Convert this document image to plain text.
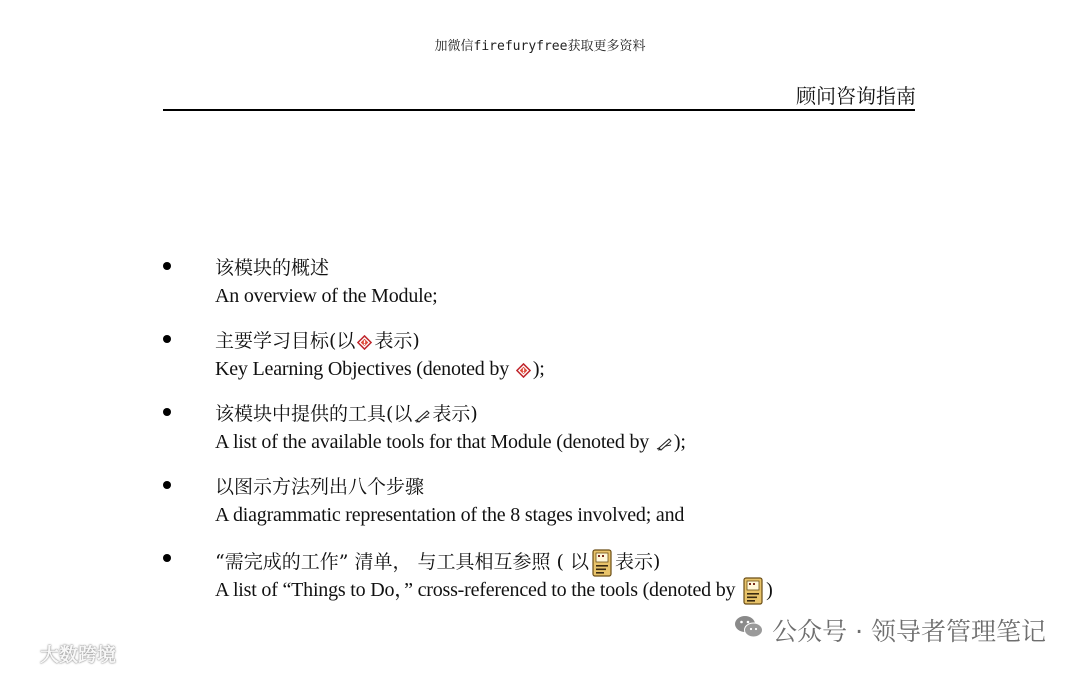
加微信firefuryfree获取更多资料
顾问咨询指南
该模块的概述
An overview of the Module;
主要学习目标(以 表示)
Key Learning Objectives (denoted by );
该模块中提供的工具(以 表示)
A list of the available tools for that Module (denoted by );
以图示方法列出八个步骤
A diagrammatic representation of the 8 stages involved; and
“需完成的工作” 清单， 与工具相互参照 ( 以 表示)
A list of “Things to Do，” cross-referenced to the tools (denoted by )
大数跨境
公众号 · 领导者管理笔记
